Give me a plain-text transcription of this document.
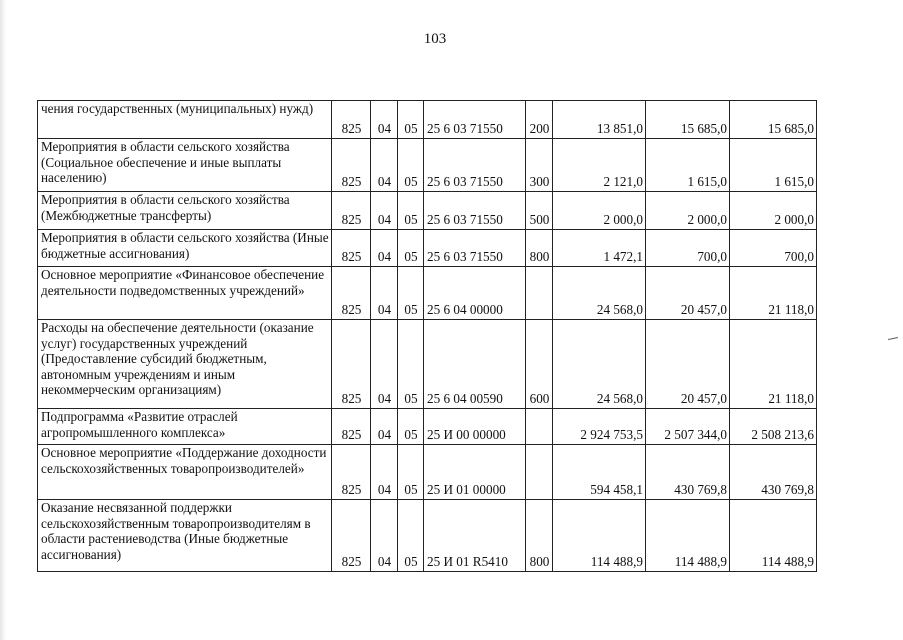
103
чения государственных (муниципальных) нужд)	825	04	05	25 6 03 71550	200	13 851,0	15 685,0	15 685,0
Мероприятия в области сельского хозяйства (Социальное обеспечение и иные выплаты населению)	825	04	05	25 6 03 71550	300	2 121,0	1 615,0	1 615,0
Мероприятия в области сельского хозяйства (Межбюджетные трансферты)	825	04	05	25 6 03 71550	500	2 000,0	2 000,0	2 000,0
Мероприятия в области сельского хозяйства (Иные бюджетные ассигнования)	825	04	05	25 6 03 71550	800	1 472,1	700,0	700,0
Основное мероприятие «Финансовое обеспечение деятельности подведомственных учреждений»	825	04	05	25 6 04 00000		24 568,0	20 457,0	21 118,0
Расходы на обеспечение деятельности (оказание услуг) государственных учреждений (Предоставление субсидий бюджетным, автономным учреждениям и иным некоммерческим организациям)	825	04	05	25 6 04 00590	600	24 568,0	20 457,0	21 118,0
Подпрограмма «Развитие отраслей агропромышленного комплекса»	825	04	05	25 И 00 00000		2 924 753,5	2 507 344,0	2 508 213,6
Основное мероприятие «Поддержание доходности сельскохозяйственных товаропроизводителей»	825	04	05	25 И 01 00000		594 458,1	430 769,8	430 769,8
Оказание несвязанной поддержки сельскохозяйственным товаропроизводителям в области растениеводства (Иные бюджетные ассигнования)	825	04	05	25 И 01 R5410	800	114 488,9	114 488,9	114 488,9
